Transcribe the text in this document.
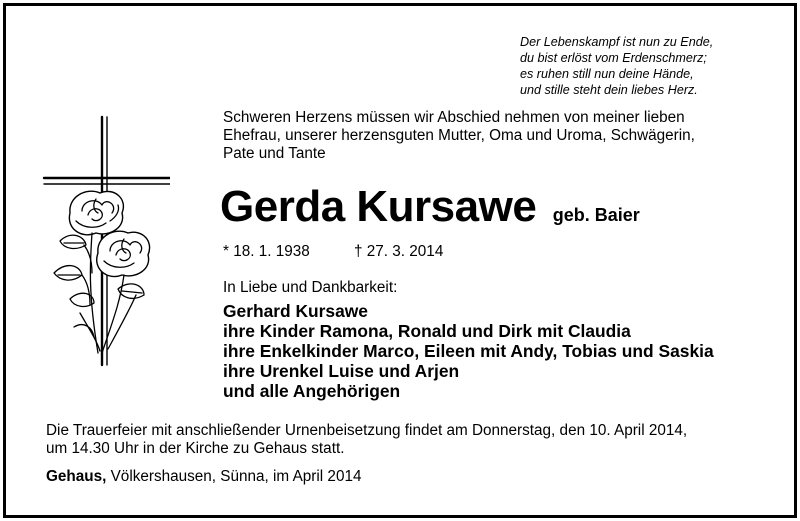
Der Lebenskampf ist nun zu Ende,
du bist erlöst vom Erdenschmerz;
es ruhen still nun deine Hände,
und stille steht dein liebes Herz.
Schweren Herzens müssen wir Abschied nehmen von meiner lieben
Ehefrau, unserer herzensguten Mutter, Oma und Uroma, Schwägerin,
Pate und Tante
Gerda Kursawe geb. Baier
* 18. 1. 1938	† 27. 3. 2014
In Liebe und Dankbarkeit:
Gerhard Kursawe
ihre Kinder Ramona, Ronald und Dirk mit Claudia
ihre Enkelkinder Marco, Eileen mit Andy, Tobias und Saskia
ihre Urenkel Luise und Arjen
und alle Angehörigen
Die Trauerfeier mit anschließender Urnenbeisetzung findet am Donnerstag, den 10. April 2014,
um 14.30 Uhr in der Kirche zu Gehaus statt.
Gehaus, Völkershausen, Sünna, im April 2014
